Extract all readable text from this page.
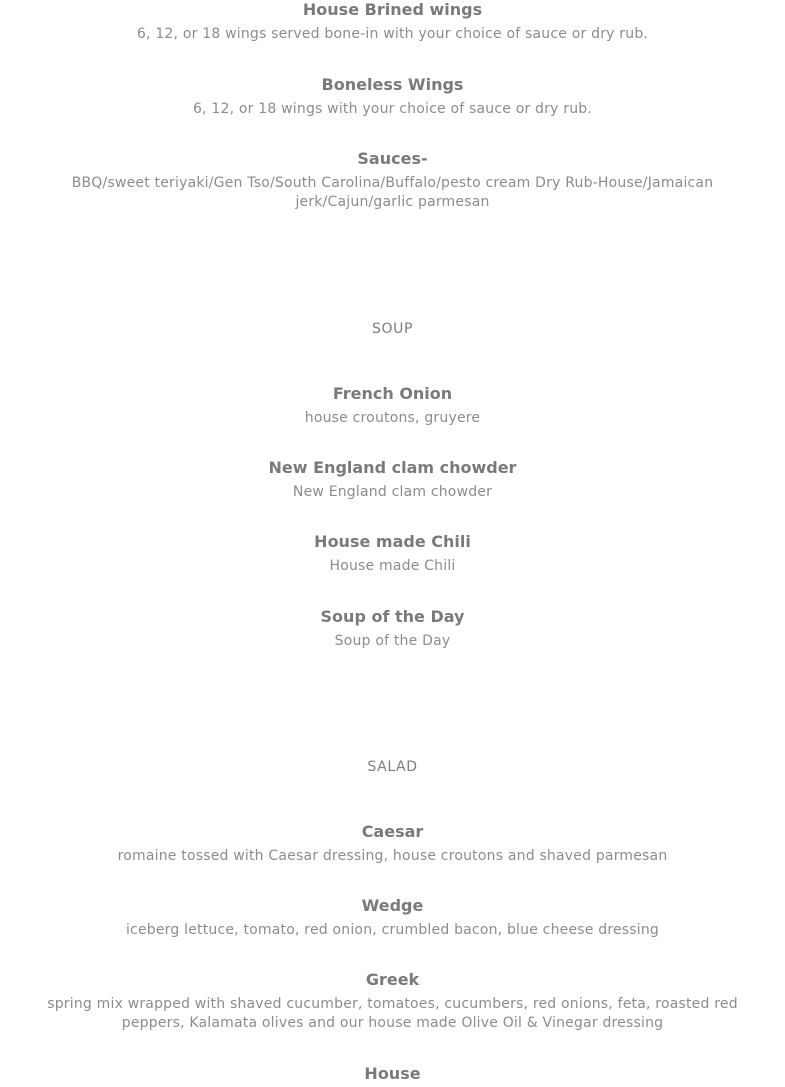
House Brined wings
6, 12, or 18 wings served bone-in with your choice of sauce or dry rub.
Boneless Wings
6, 12, or 18 wings with your choice of sauce or dry rub.
Sauces-
BBQ/sweet teriyaki/Gen Tso/South Carolina/Buffalo/pesto cream Dry Rub-House/Jamaican jerk/Cajun/garlic parmesan
SOUP
French Onion
house croutons, gruyere
New England clam chowder
New England clam chowder
House made Chili
House made Chili
Soup of the Day
Soup of the Day
SALAD
Caesar
romaine tossed with Caesar dressing, house croutons and shaved parmesan
Wedge
iceberg lettuce, tomato, red onion, crumbled bacon, blue cheese dressing
Greek
spring mix wrapped with shaved cucumber, tomatoes, cucumbers, red onions, feta, roasted red peppers, Kalamata olives and our house made Olive Oil & Vinegar dressing
House
